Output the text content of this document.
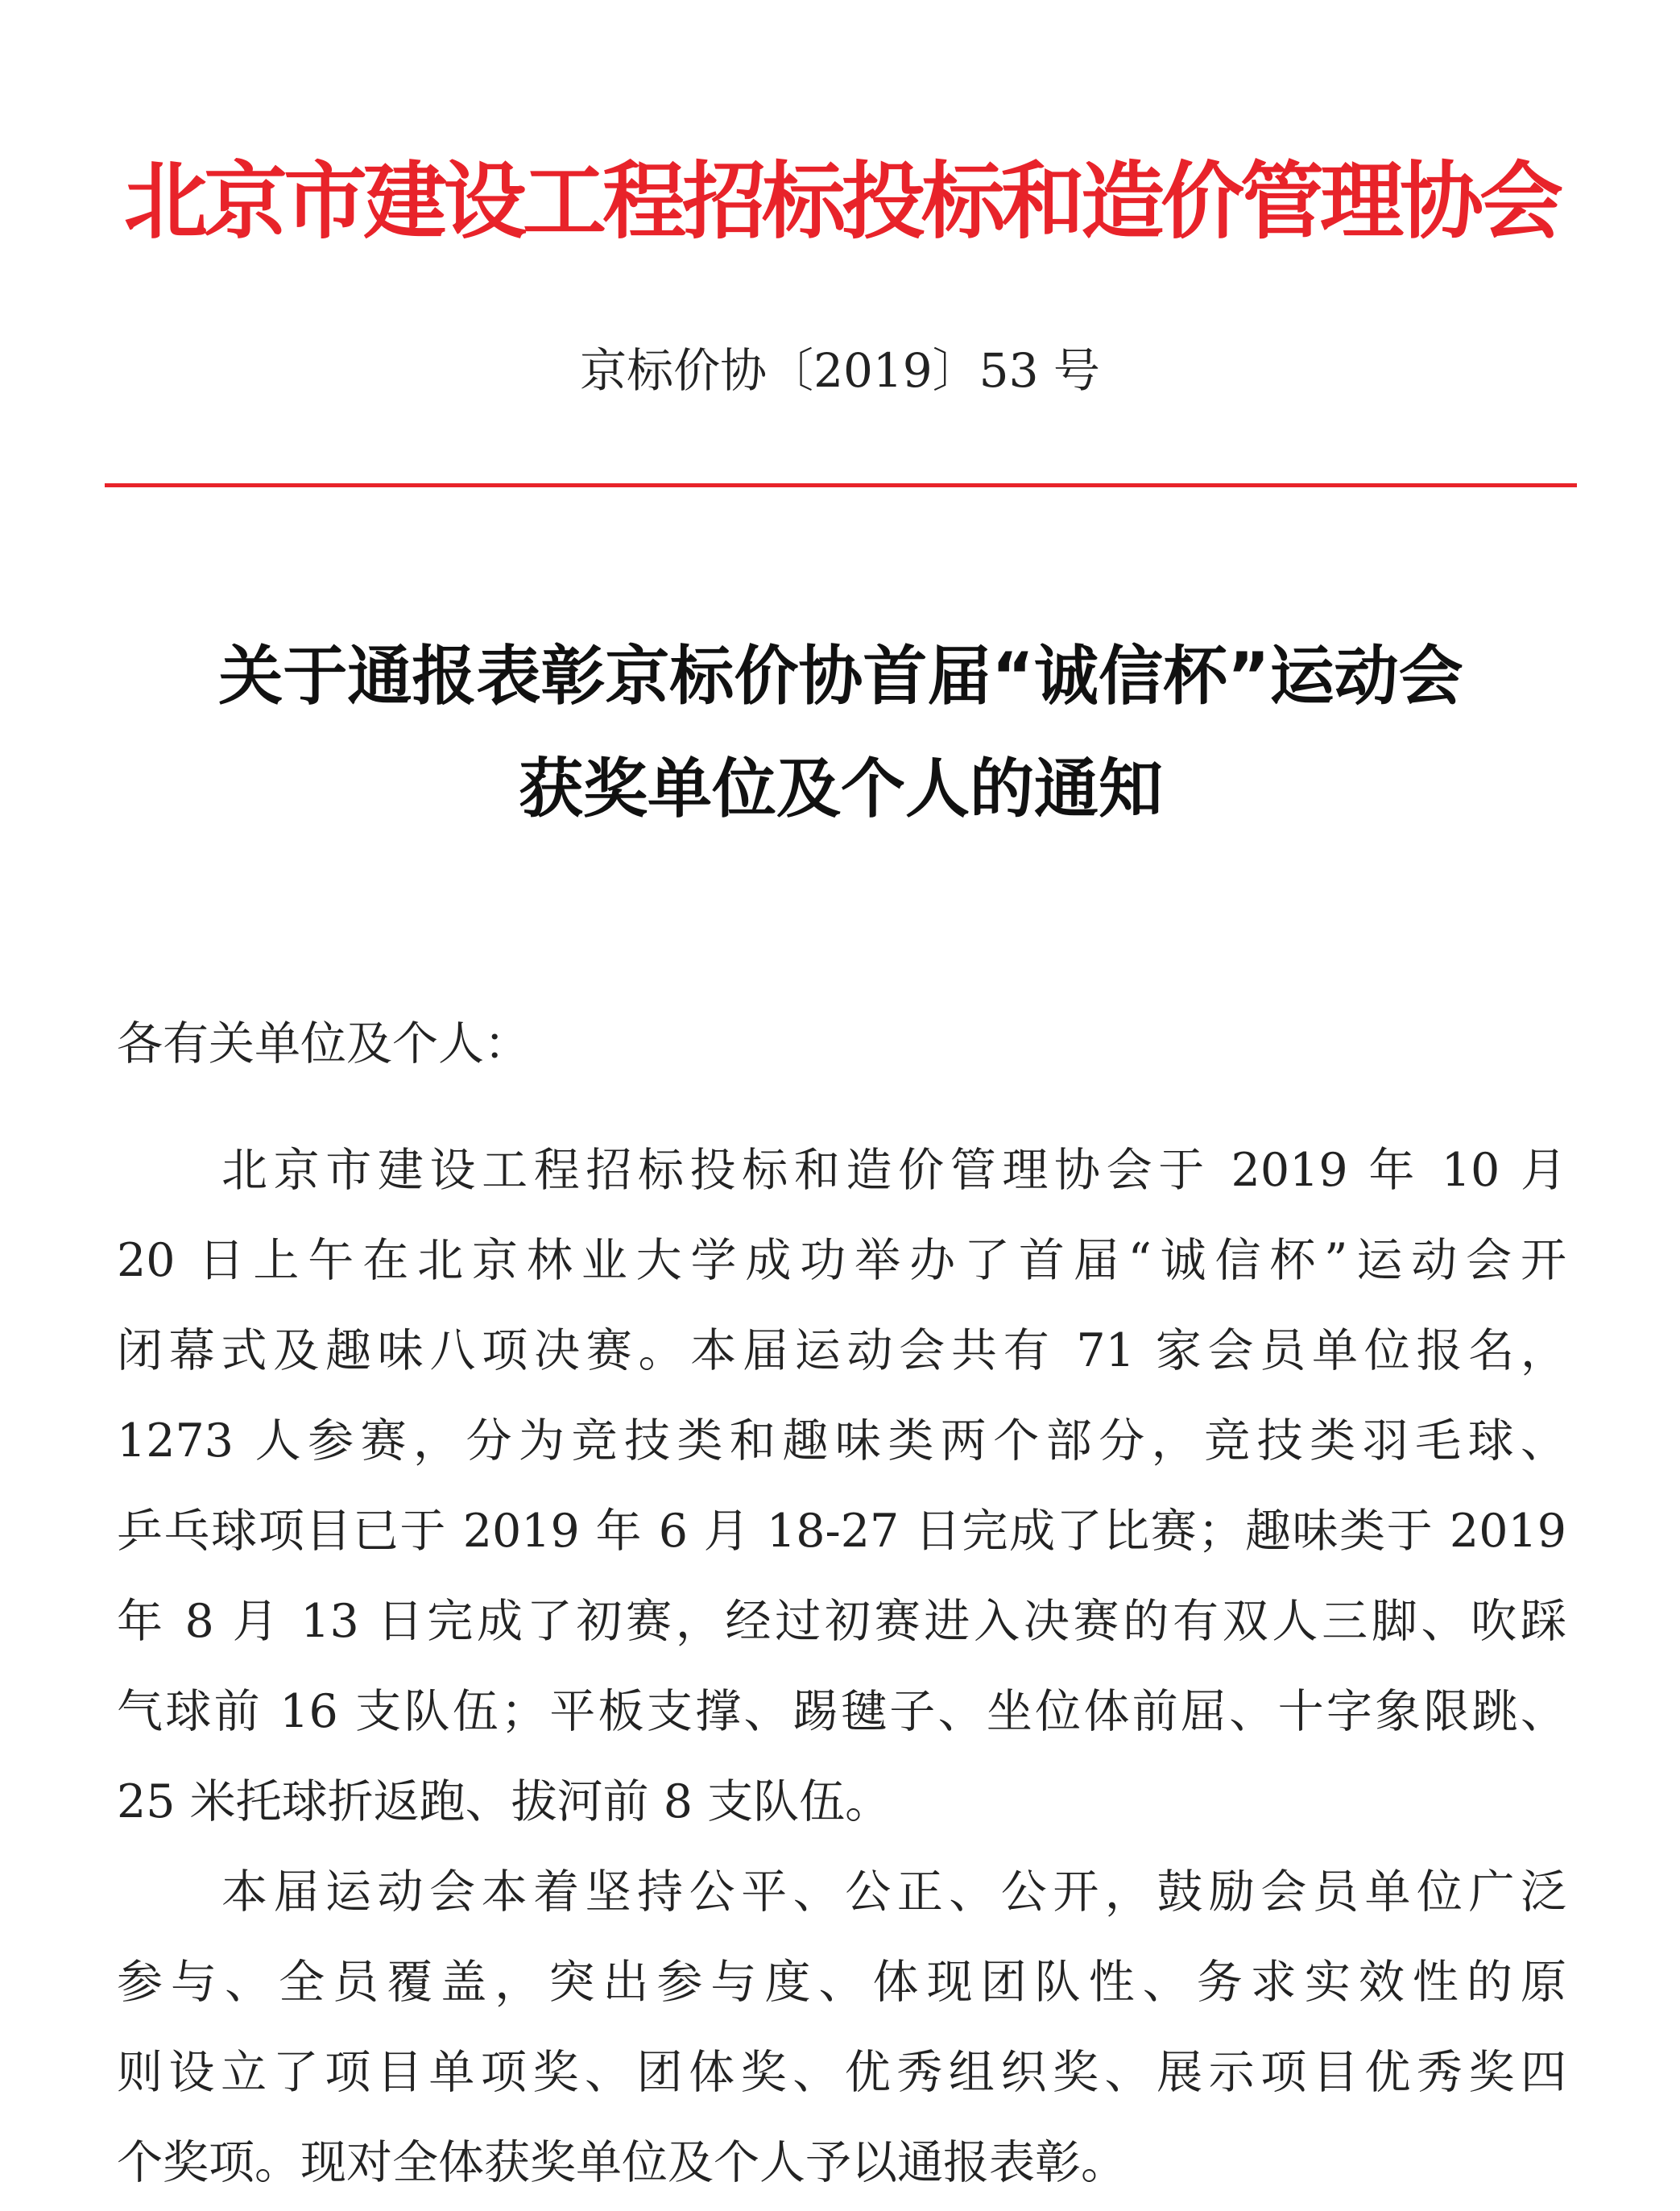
北京市建设工程招标投标和造价管理协会
京标价协〔2019〕53 号
关于通报表彰京标价协首届“诚信杯”运动会
获奖单位及个人的通知
各有关单位及个人：
北京市建设工程招标投标和造价管理协会于 2019 年 10 月
20 日上午在北京林业大学成功举办了首届“诚信杯”运动会开
闭幕式及趣味八项决赛。本届运动会共有 71 家会员单位报名，
1273 人参赛，分为竞技类和趣味类两个部分，竞技类羽毛球、
乒乓球项目已于 2019 年 6 月 18-27 日完成了比赛；趣味类于 2019
年 8 月 13 日完成了初赛，经过初赛进入决赛的有双人三脚、吹踩
气球前 16 支队伍；平板支撑、踢毽子、坐位体前屈、十字象限跳、
25 米托球折返跑、拔河前 8 支队伍。
本届运动会本着坚持公平、公正、公开，鼓励会员单位广泛
参与、全员覆盖，突出参与度、体现团队性、务求实效性的原
则设立了项目单项奖、团体奖、优秀组织奖、展示项目优秀奖四
个奖项。现对全体获奖单位及个人予以通报表彰。
